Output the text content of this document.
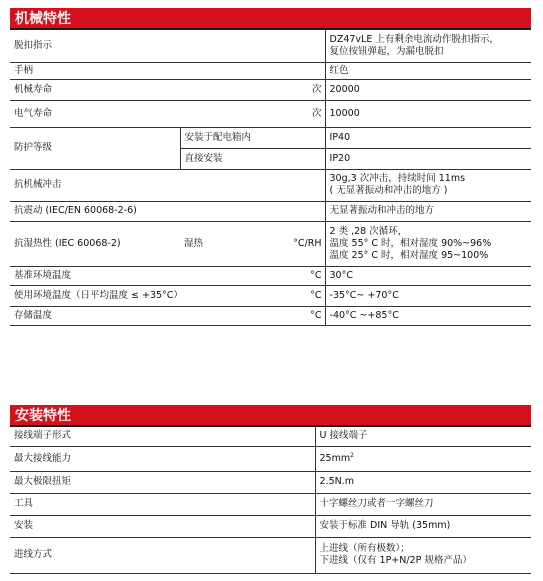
机械特性
脱扣指示			DZ47vLE 上有剩余电流动作脱扣指示，
复位按钮弹起，为漏电脱扣

手柄			红色
机械寿命		次	20000
电气寿命		次	10000
防护等级	安装于配电箱内		IP40
	直接安装		IP20
抗机械冲击			30g,3 次冲击，持续时间 11ms
( 无显著振动和冲击的地方 )

抗震动 (IEC/EN 60068-2-6)			无显著振动和冲击的地方
抗湿热性 (IEC 60068-2)	湿热	°C/RH	2 类 ,28 次循环，
温度 55° C 时，相对湿度 90%~96%
温度 25° C 时，相对湿度 95~100%

基准环境温度		°C	30°C
使用环境温度（日平均温度 ≤ +35°C）		°C	-35°C~ +70°C
存储温度		°C	-40°C ~+85°C
安装特性
接线端子形式	U 接线端子
最大接线能力	$25mm^2$
最大极限扭矩	2.5N.m
工具	十字螺丝刀或者一字螺丝刀
安装	安装于标准 DIN 导轨 (35mm)
进线方式	上进线（所有极数）；
下进线（仅有 1P+N/2P 规格产品）
